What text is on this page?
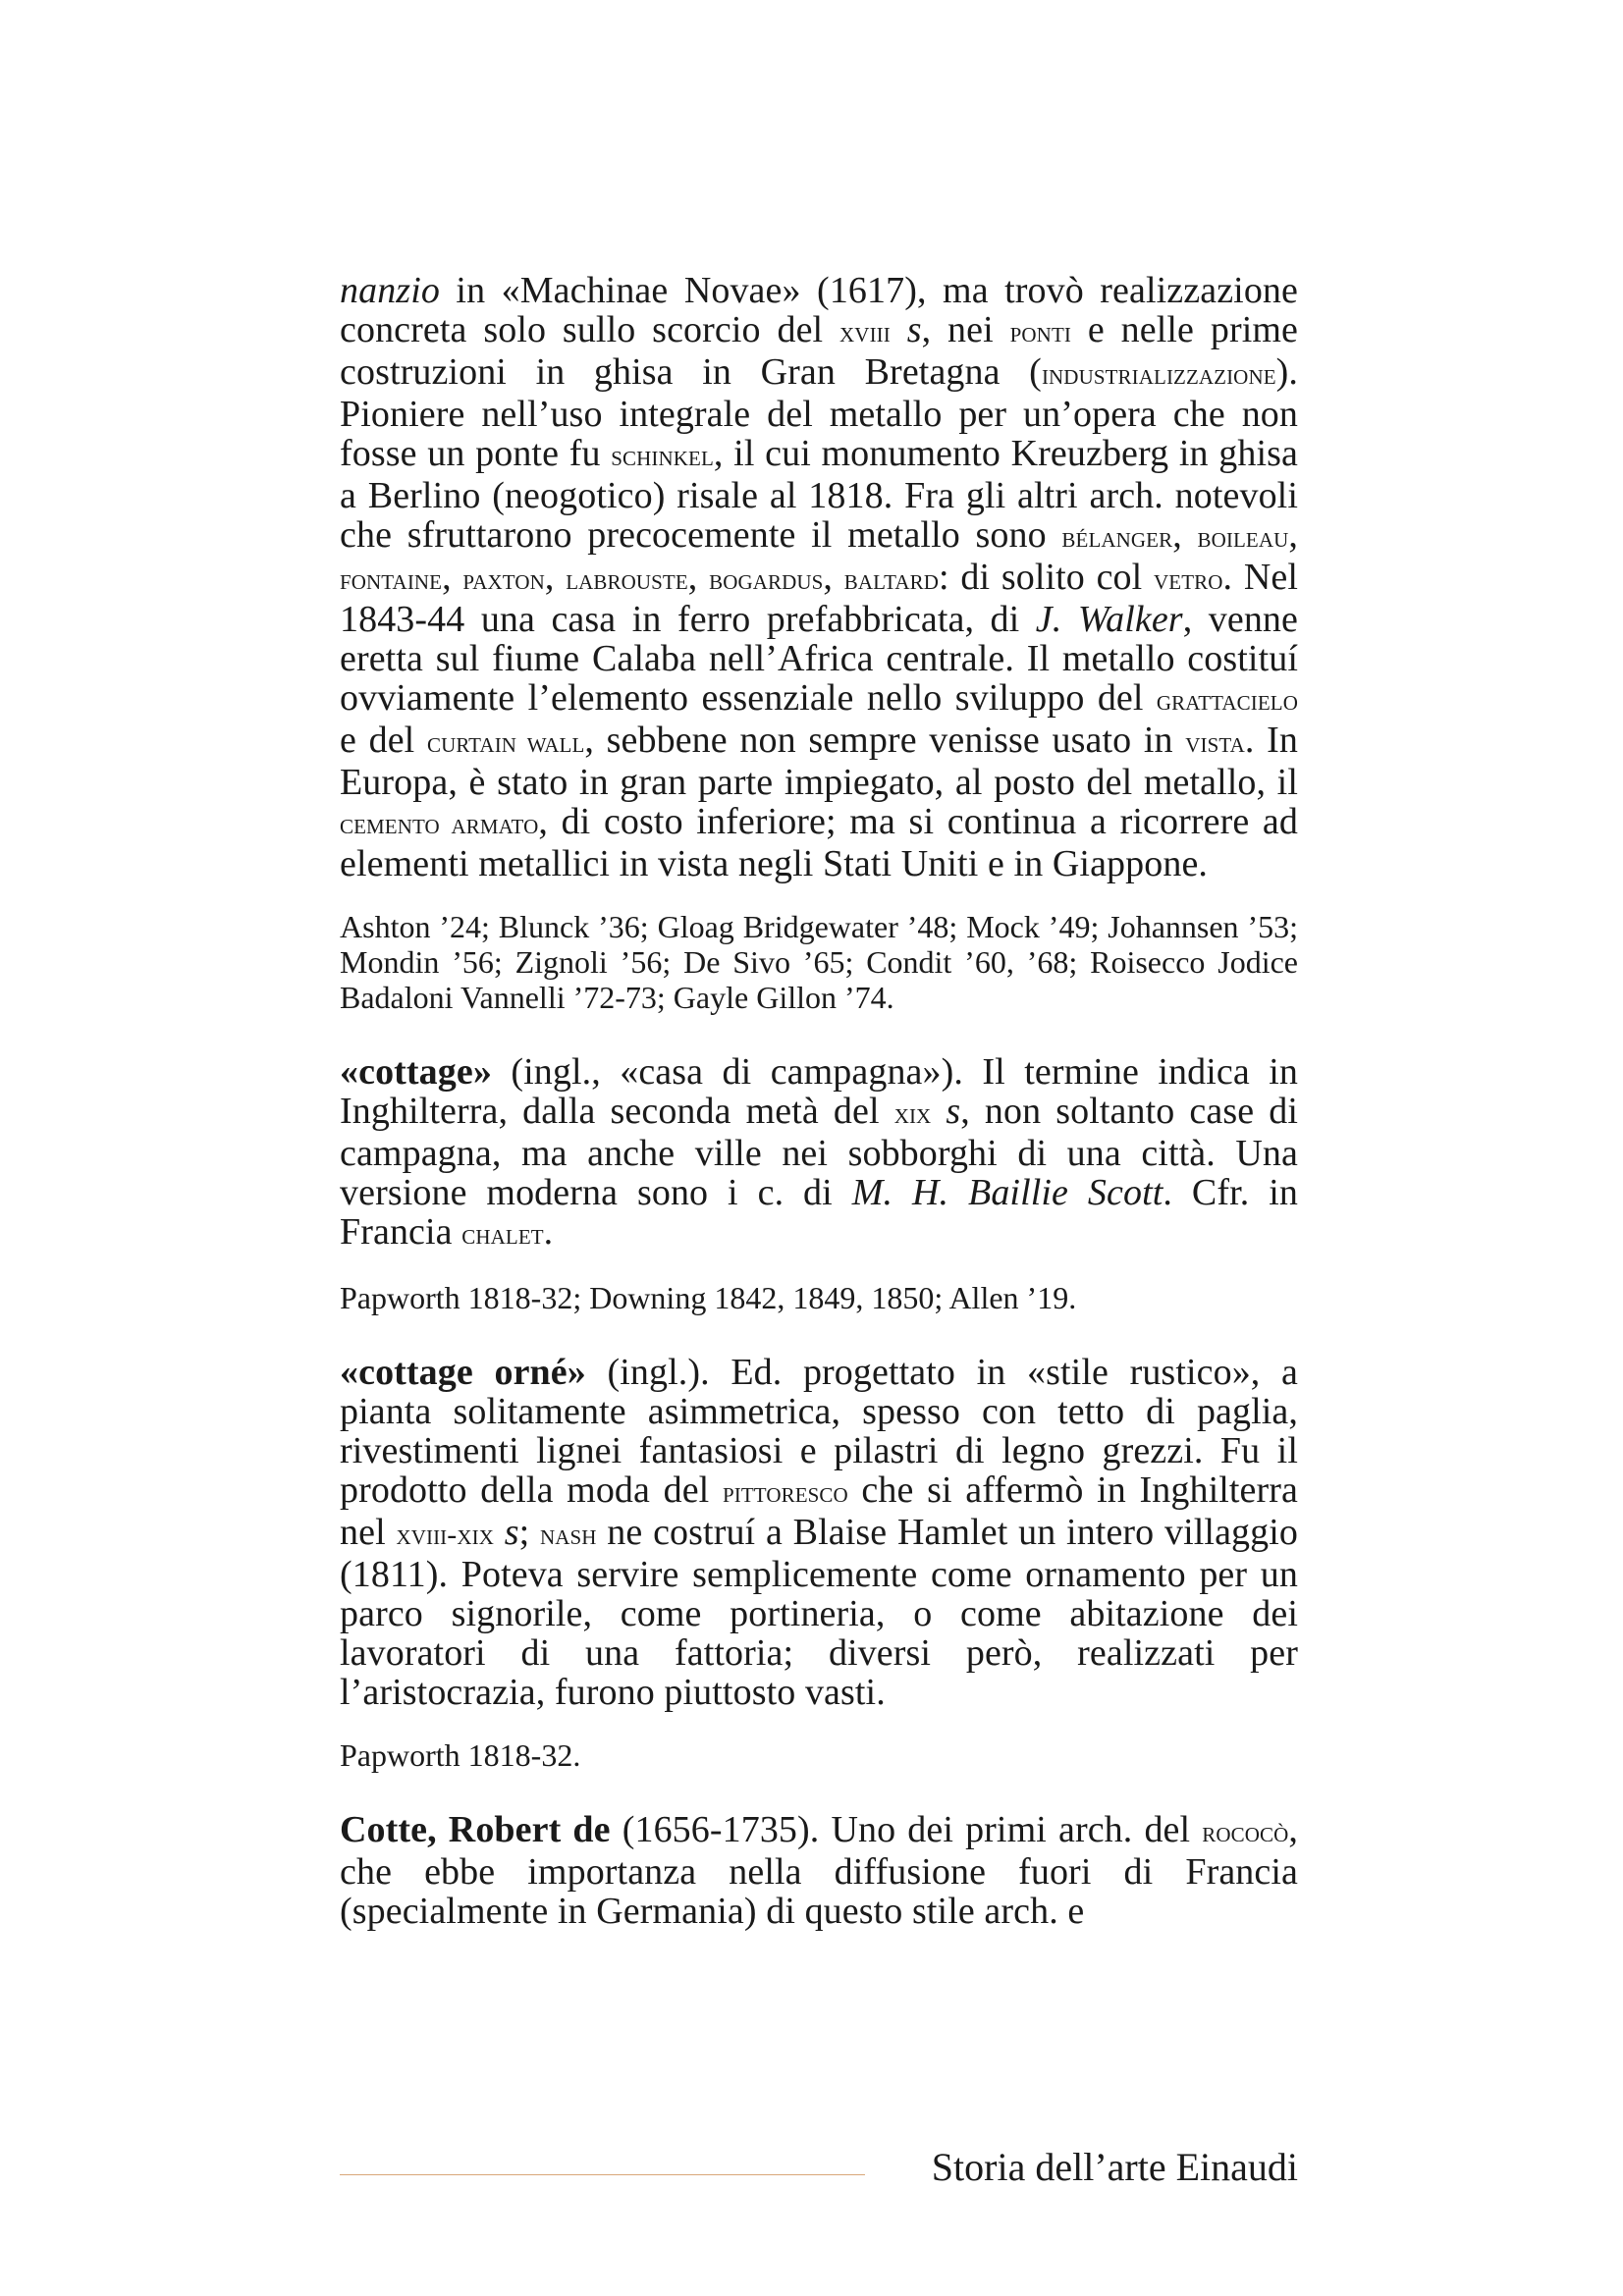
nanzio in «Machinae Novae» (1617), ma trovò realizzazione concreta solo sullo scorcio del xviii s, nei ponti e nelle prime costruzioni in ghisa in Gran Bretagna (industrializzazione). Pioniere nell’uso integrale del metallo per un’opera che non fosse un ponte fu schinkel, il cui monumento Kreuzberg in ghisa a Berlino (neogotico) risale al 1818. Fra gli altri arch. notevoli che sfruttarono precocemente il metallo sono bélanger, boileau, fontaine, paxton, labrouste, bogardus, baltard: di solito col vetro. Nel 1843-44 una casa in ferro prefabbricata, di J. Walker, venne eretta sul fiume Calaba nell’Africa centrale. Il metallo costituí ovviamente l’elemento essenziale nello sviluppo del grattacielo e del curtain wall, sebbene non sempre venisse usato in vista. In Europa, è stato in gran parte impiegato, al posto del metallo, il cemento armato, di costo inferiore; ma si continua a ricorrere ad elementi metallici in vista negli Stati Uniti e in Giappone.

Ashton ’24; Blunck ’36; Gloag Bridgewater ’48; Mock ’49; Johannsen ’53; Mondin ’56; Zignoli ’56; De Sivo ’65; Condit ’60, ’68; Roisecco Jodice Badaloni Vannelli ’72-73; Gayle Gillon ’74.

«cottage» (ingl., «casa di campagna»). Il termine indica in Inghilterra, dalla seconda metà del xix s, non soltanto case di campagna, ma anche ville nei sobborghi di una città. Una versione moderna sono i c. di M. H. Baillie Scott. Cfr. in Francia chalet.

Papworth 1818-32; Downing 1842, 1849, 1850; Allen ’19.

«cottage orné» (ingl.). Ed. progettato in «stile rustico», a pianta solitamente asimmetrica, spesso con tetto di paglia, rivestimenti lignei fantasiosi e pilastri di legno grezzi. Fu il prodotto della moda del pittoresco che si affermò in Inghilterra nel xviii-xix s; nash ne costruí a Blaise Hamlet un intero villaggio (1811). Poteva servire semplicemente come ornamento per un parco signorile, come portineria, o come abitazione dei lavoratori di una fattoria; diversi però, realizzati per l’aristocrazia, furono piuttosto vasti.

Papworth 1818-32.

Cotte, Robert de (1656-1735). Uno dei primi arch. del rococò, che ebbe importanza nella diffusione fuori di Francia (specialmente in Germania) di questo stile arch. e

Storia dell’arte Einaudi
